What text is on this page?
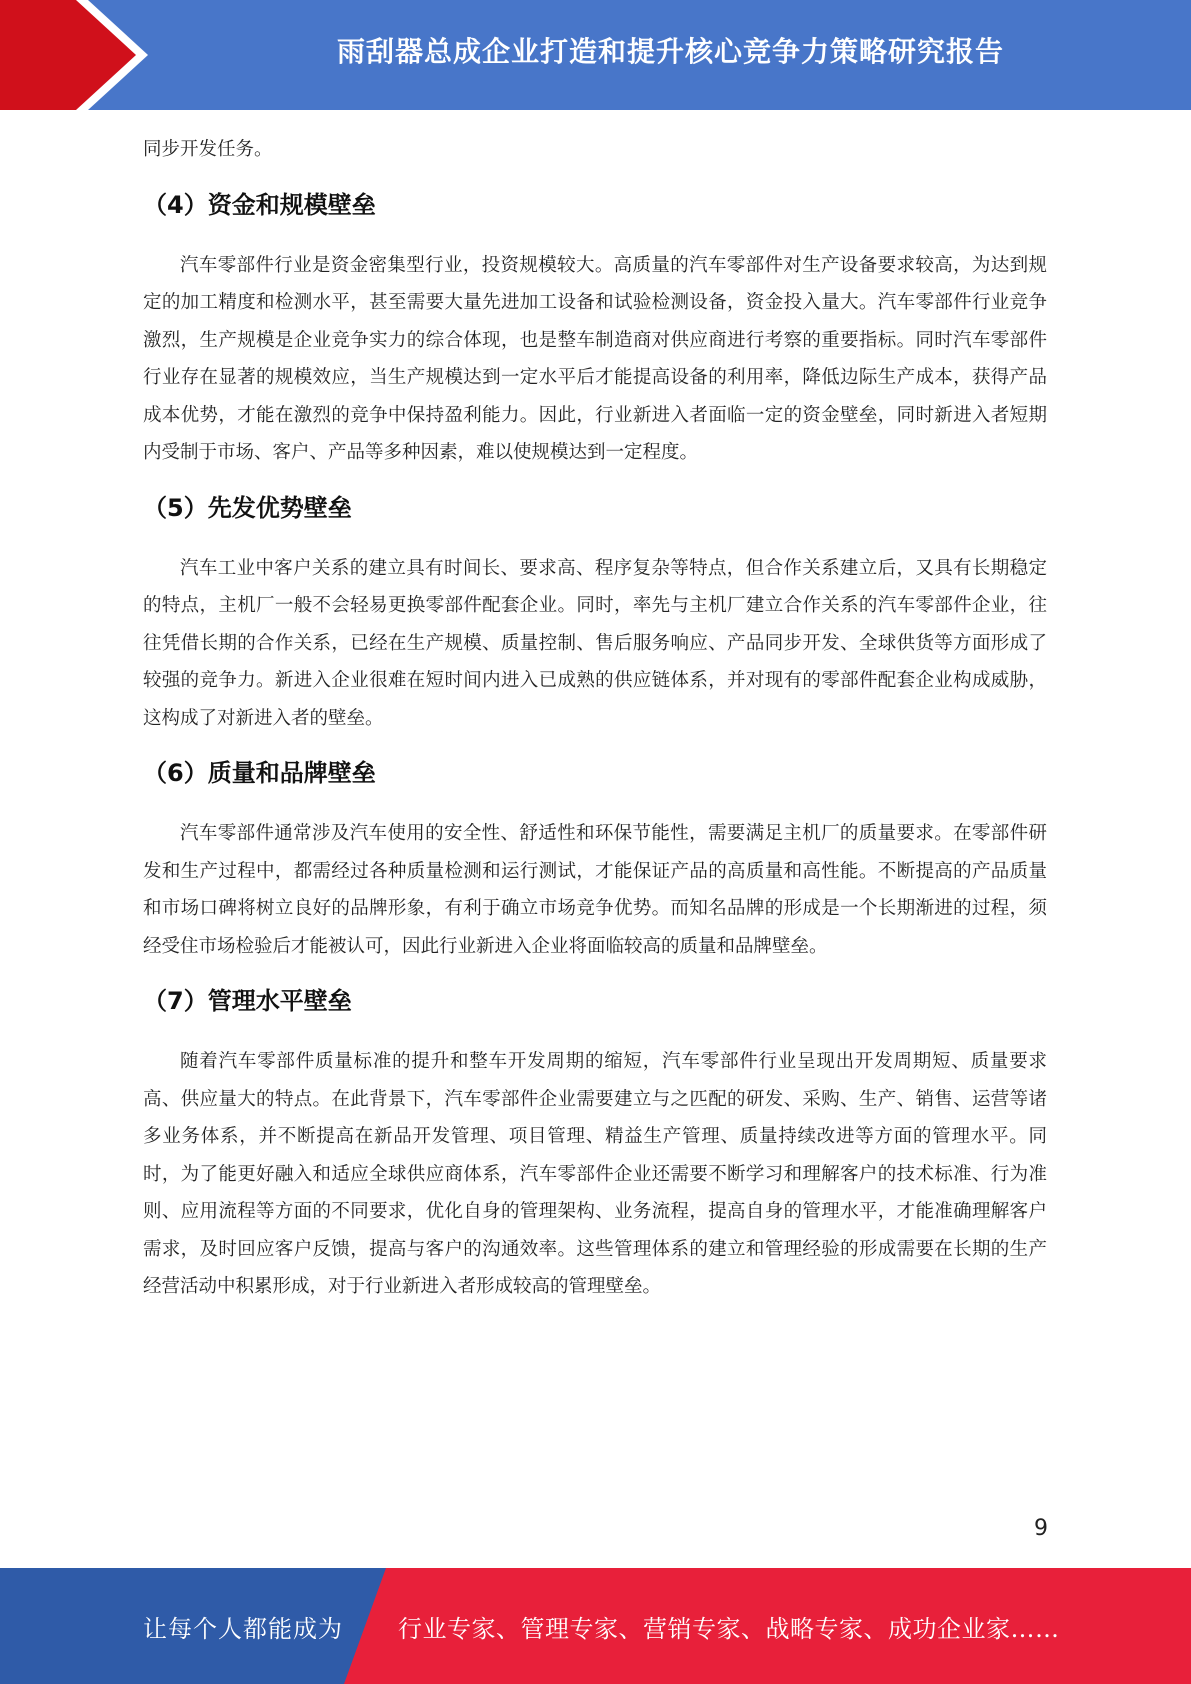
雨刮器总成企业打造和提升核心竞争力策略研究报告

同步开发任务。

（4）资金和规模壁垒

汽车零部件行业是资金密集型行业，投资规模较大。高质量的汽车零部件对生产设备要求较高，为达到规定的加工精度和检测水平，甚至需要大量先进加工设备和试验检测设备，资金投入量大。汽车零部件行业竞争激烈，生产规模是企业竞争实力的综合体现，也是整车制造商对供应商进行考察的重要指标。同时汽车零部件行业存在显著的规模效应，当生产规模达到一定水平后才能提高设备的利用率，降低边际生产成本，获得产品成本优势，才能在激烈的竞争中保持盈利能力。因此，行业新进入者面临一定的资金壁垒，同时新进入者短期内受制于市场、客户、产品等多种因素，难以使规模达到一定程度。

（5）先发优势壁垒

汽车工业中客户关系的建立具有时间长、要求高、程序复杂等特点，但合作关系建立后，又具有长期稳定的特点，主机厂一般不会轻易更换零部件配套企业。同时，率先与主机厂建立合作关系的汽车零部件企业，往往凭借长期的合作关系，已经在生产规模、质量控制、售后服务响应、产品同步开发、全球供货等方面形成了较强的竞争力。新进入企业很难在短时间内进入已成熟的供应链体系，并对现有的零部件配套企业构成威胁，这构成了对新进入者的壁垒。

（6）质量和品牌壁垒

汽车零部件通常涉及汽车使用的安全性、舒适性和环保节能性，需要满足主机厂的质量要求。在零部件研发和生产过程中，都需经过各种质量检测和运行测试，才能保证产品的高质量和高性能。不断提高的产品质量和市场口碑将树立良好的品牌形象，有利于确立市场竞争优势。而知名品牌的形成是一个长期渐进的过程，须经受住市场检验后才能被认可，因此行业新进入企业将面临较高的质量和品牌壁垒。

（7）管理水平壁垒

随着汽车零部件质量标准的提升和整车开发周期的缩短，汽车零部件行业呈现出开发周期短、质量要求高、供应量大的特点。在此背景下，汽车零部件企业需要建立与之匹配的研发、采购、生产、销售、运营等诸多业务体系，并不断提高在新品开发管理、项目管理、精益生产管理、质量持续改进等方面的管理水平。同时，为了能更好融入和适应全球供应商体系，汽车零部件企业还需要不断学习和理解客户的技术标准、行为准则、应用流程等方面的不同要求，优化自身的管理架构、业务流程，提高自身的管理水平，才能准确理解客户需求，及时回应客户反馈，提高与客户的沟通效率。这些管理体系的建立和管理经验的形成需要在长期的生产经营活动中积累形成，对于行业新进入者形成较高的管理壁垒。

9
让每个人都能成为 行业专家、管理专家、营销专家、战略专家、成功企业家……
